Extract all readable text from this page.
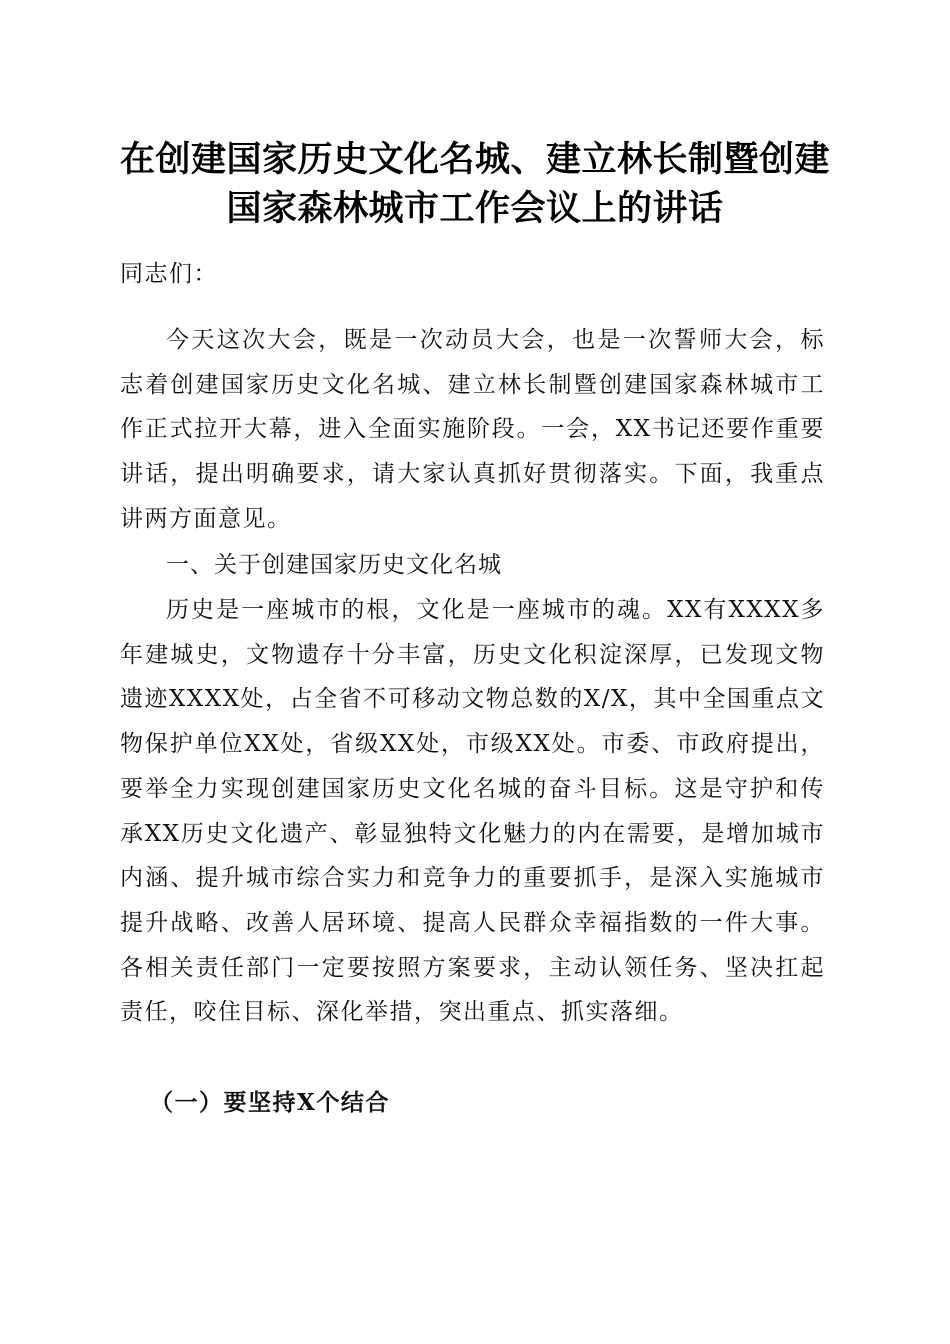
在创建国家历史文化名城、建立林长制暨创建
国家森林城市工作会议上的讲话

同志们：

今天这次大会，既是一次动员大会，也是一次誓师大会，标志着创建国家历史文化名城、建立林长制暨创建国家森林城市工作正式拉开大幕，进入全面实施阶段。一会，XX书记还要作重要讲话，提出明确要求，请大家认真抓好贯彻落实。下面，我重点讲两方面意见。

一、关于创建国家历史文化名城

历史是一座城市的根，文化是一座城市的魂。XX有XXXX多年建城史，文物遗存十分丰富，历史文化积淀深厚，已发现文物遗迹XXXX处，占全省不可移动文物总数的X/X，其中全国重点文物保护单位XX处，省级XX处，市级XX处。市委、市政府提出，要举全力实现创建国家历史文化名城的奋斗目标。这是守护和传承XX历史文化遗产、彰显独特文化魅力的内在需要，是增加城市内涵、提升城市综合实力和竞争力的重要抓手，是深入实施城市提升战略、改善人居环境、提高人民群众幸福指数的一件大事。各相关责任部门一定要按照方案要求，主动认领任务、坚决扛起责任，咬住目标、深化举措，突出重点、抓实落细。

（一）要坚持X个结合
